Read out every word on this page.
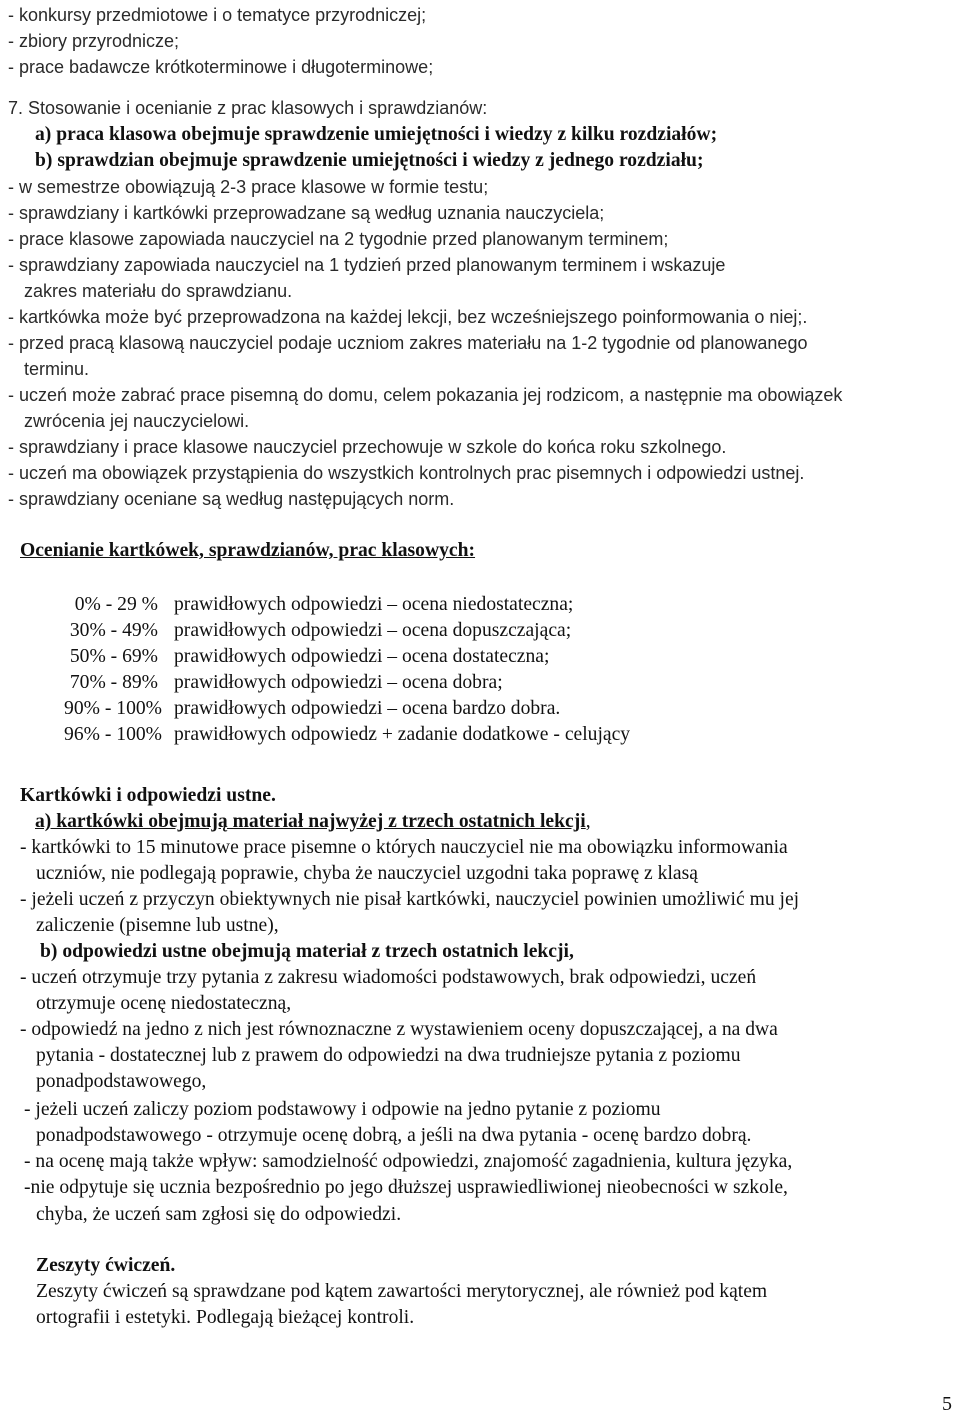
- konkursy przedmiotowe i o tematyce przyrodniczej;
- zbiory przyrodnicze;
- prace badawcze krótkoterminowe i długoterminowe;
7. Stosowanie i ocenianie z prac klasowych i sprawdzianów:
a) praca klasowa obejmuje sprawdzenie umiejętności i wiedzy z kilku rozdziałów;
b) sprawdzian obejmuje sprawdzenie umiejętności i wiedzy z jednego rozdziału;
- w semestrze obowiązują 2-3 prace klasowe w formie testu;
- sprawdziany i kartkówki przeprowadzane są według uznania nauczyciela;
- prace klasowe zapowiada nauczyciel na 2 tygodnie przed planowanym terminem;
- sprawdziany zapowiada nauczyciel na 1 tydzień przed planowanym terminem i wskazuje
zakres materiału do sprawdzianu.
- kartkówka może być przeprowadzona na każdej lekcji, bez wcześniejszego poinformowania o niej;.
- przed pracą klasową nauczyciel podaje uczniom zakres materiału na 1-2 tygodnie od planowanego
terminu.
- uczeń może zabrać prace pisemną do domu, celem pokazania jej rodzicom, a następnie ma obowiązek
zwrócenia jej nauczycielowi.
- sprawdziany i prace klasowe nauczyciel przechowuje w szkole do końca roku szkolnego.
- uczeń ma obowiązek przystąpienia do wszystkich kontrolnych prac pisemnych i odpowiedzi ustnej.
- sprawdziany oceniane są według następujących norm.
Ocenianie kartkówek, sprawdzianów, prac klasowych:
0% - 29 % prawidłowych odpowiedzi – ocena niedostateczna;
30% - 49% prawidłowych odpowiedzi – ocena dopuszczająca;
50% - 69% prawidłowych odpowiedzi – ocena dostateczna;
70% - 89% prawidłowych odpowiedzi – ocena dobra;
90% - 100% prawidłowych odpowiedzi – ocena bardzo dobra.
96% - 100% prawidłowych odpowiedz + zadanie dodatkowe - celujący
Kartkówki i odpowiedzi ustne.
a) kartkówki obejmują materiał najwyżej z trzech ostatnich lekcji,
- kartkówki to 15 minutowe prace pisemne o których nauczyciel nie ma obowiązku informowania
uczniów, nie podlegają poprawie, chyba że nauczyciel uzgodni taka poprawę z klasą
- jeżeli uczeń z przyczyn obiektywnych nie pisał kartkówki, nauczyciel powinien umożliwić mu jej
zaliczenie (pisemne lub ustne),
b) odpowiedzi ustne obejmują materiał z trzech ostatnich lekcji,
- uczeń otrzymuje trzy pytania z zakresu wiadomości podstawowych, brak odpowiedzi, uczeń
otrzymuje ocenę niedostateczną,
- odpowiedź na jedno z nich jest równoznaczne z wystawieniem oceny dopuszczającej, a na dwa
pytania - dostatecznej lub z prawem do odpowiedzi na dwa trudniejsze pytania z poziomu
ponadpodstawowego,
- jeżeli uczeń zaliczy poziom podstawowy i odpowie na jedno pytanie z poziomu
ponadpodstawowego - otrzymuje ocenę dobrą, a jeśli na dwa pytania - ocenę bardzo dobrą.
- na ocenę mają także wpływ: samodzielność odpowiedzi, znajomość zagadnienia, kultura języka,
-nie odpytuje się ucznia bezpośrednio po jego dłuższej usprawiedliwionej nieobecności w szkole,
chyba, że uczeń sam zgłosi się do odpowiedzi.
Zeszyty ćwiczeń.
Zeszyty ćwiczeń są sprawdzane pod kątem zawartości merytorycznej, ale również pod kątem
ortografii i estetyki. Podlegają bieżącej kontroli.
5
